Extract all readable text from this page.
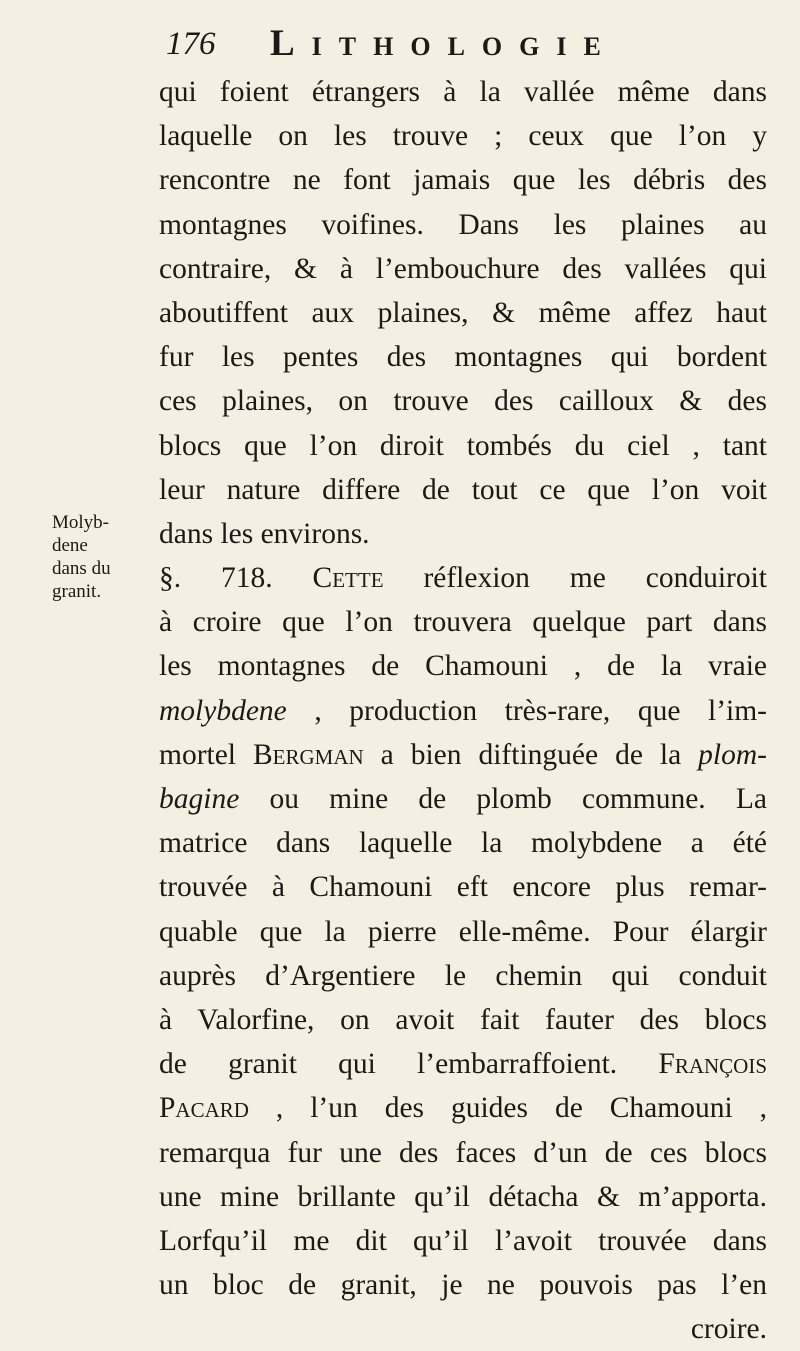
176 Lithologie
Molyb-
dene
dans du
granit.
qui foient étrangers à la vallée même dans
laquelle on les trouve ; ceux que l’on y
rencontre ne font jamais que les débris des
montagnes voifines. Dans les plaines au
contraire, & à l’embouchure des vallées qui
aboutiffent aux plaines, & même affez haut
fur les pentes des montagnes qui bordent
ces plaines, on trouve des cailloux & des
blocs que l’on diroit tombés du ciel , tant
leur nature differe de tout ce que l’on voit
dans les environs.
§. 718. Cette réflexion me conduiroit
à croire que l’on trouvera quelque part dans
les montagnes de Chamouni , de la vraie
molybdene , production très-rare, que l’im-
mortel Bergman a bien diftinguée de la plom-
bagine ou mine de plomb commune. La
matrice dans laquelle la molybdene a été
trouvée à Chamouni eft encore plus remar-
quable que la pierre elle-même. Pour élargir
auprès d’Argentiere le chemin qui conduit
à Valorfine, on avoit fait fauter des blocs
de granit qui l’embarraffoient. François
Pacard , l’un des guides de Chamouni ,
remarqua fur une des faces d’un de ces blocs
une mine brillante qu’il détacha & m’apporta.
Lorfqu’il me dit qu’il l’avoit trouvée dans
un bloc de granit, je ne pouvois pas l’en
croire.
